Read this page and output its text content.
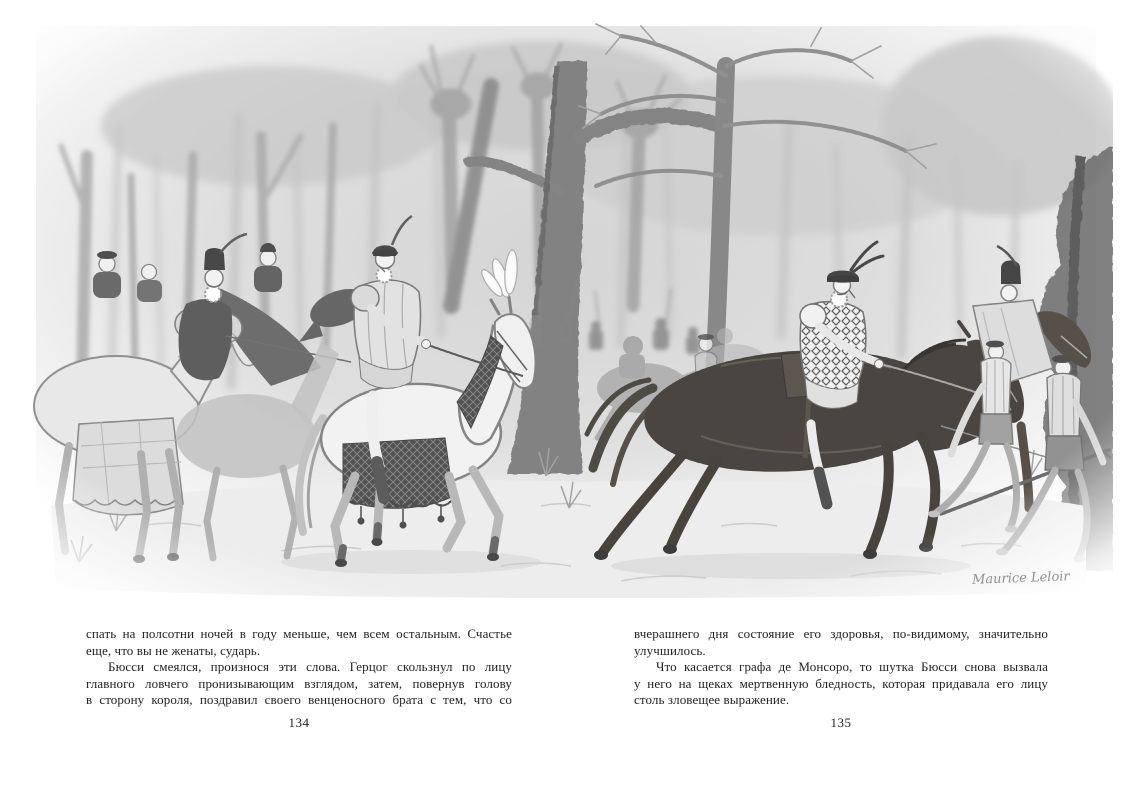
Maurice Leloir
спать на полсотни ночей в году меньше, чем всем остальным. Счастье
еще, что вы не женаты, сударь.
Бюсси смеялся, произнося эти слова. Герцог скользнул по лицу
главного ловчего пронизывающим взглядом, затем, повернув голову
в сторону короля, поздравил своего венценосного брата с тем, что со
134
вчерашнего дня состояние его здоровья, по-видимому, значительно
улучшилось.
Что касается графа де Монсоро, то шутка Бюсси снова вызвала
у него на щеках мертвенную бледность, которая придавала его лицу
столь зловещее выражение.
135
